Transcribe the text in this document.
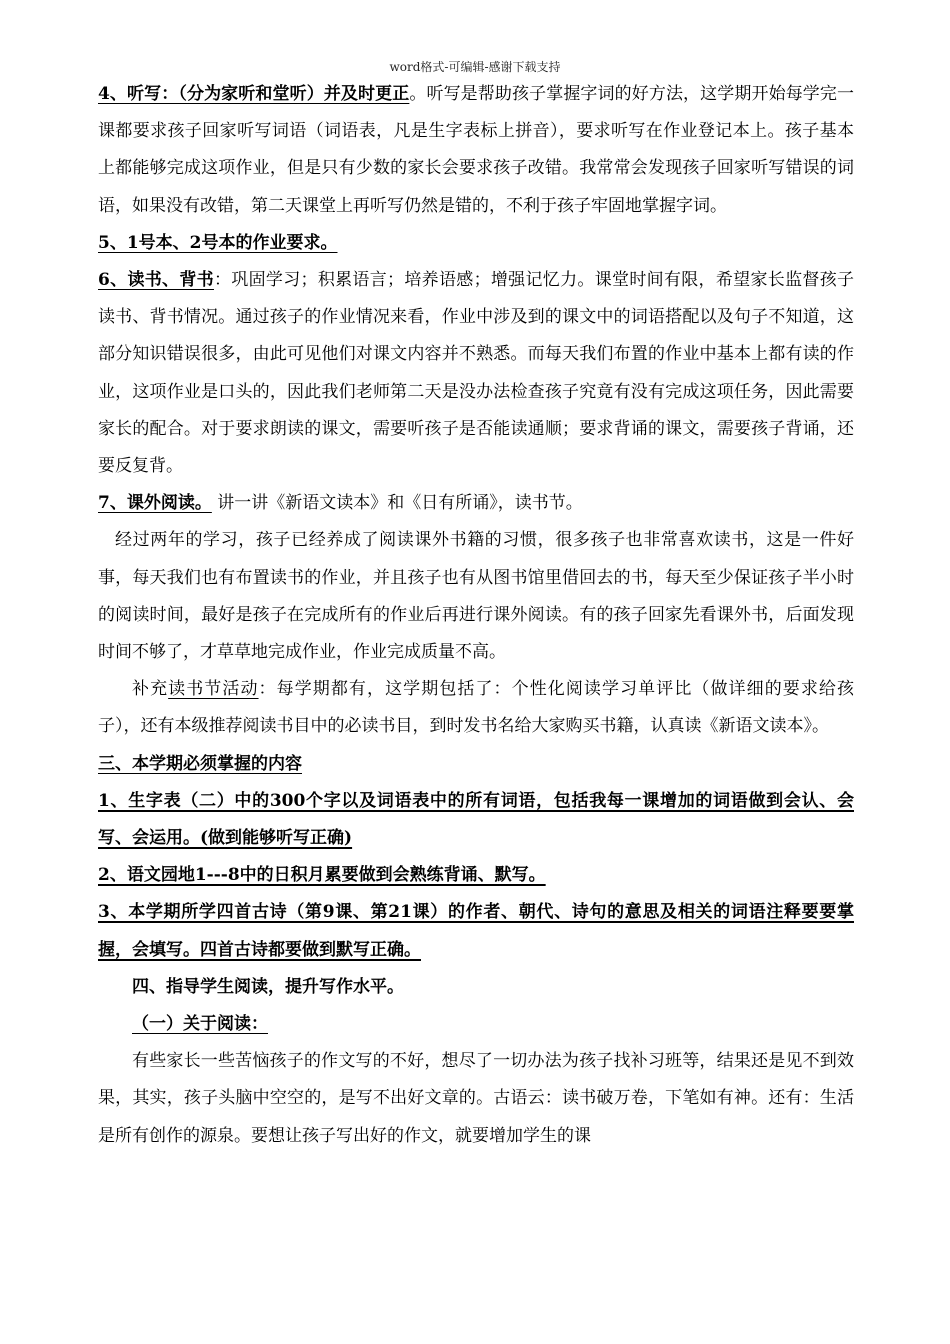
word格式-可编辑-感谢下载支持

4、听写：（分为家听和堂听）并及时更正。听写是帮助孩子掌握字词的好方法，这学期开始每学完一课都要求孩子回家听写词语（词语表，凡是生字表标上拼音），要求听写在作业登记本上。孩子基本上都能够完成这项作业，但是只有少数的家长会要求孩子改错。我常常会发现孩子回家听写错误的词语，如果没有改错，第二天课堂上再听写仍然是错的，不利于孩子牢固地掌握字词。

5、1号本、2号本的作业要求。

6、读书、背书：巩固学习；积累语言；培养语感；增强记忆力。课堂时间有限，希望家长监督孩子读书、背书情况。通过孩子的作业情况来看，作业中涉及到的课文中的词语搭配以及句子不知道，这部分知识错误很多，由此可见他们对课文内容并不熟悉。而每天我们布置的作业中基本上都有读的作业，这项作业是口头的，因此我们老师第二天是没办法检查孩子究竟有没有完成这项任务，因此需要家长的配合。对于要求朗读的课文，需要听孩子是否能读通顺；要求背诵的课文，需要孩子背诵，还要反复背。

7、课外阅读。 讲一讲《新语文读本》和《日有所诵》，读书节。

经过两年的学习，孩子已经养成了阅读课外书籍的习惯，很多孩子也非常喜欢读书，这是一件好事，每天我们也有布置读书的作业，并且孩子也有从图书馆里借回去的书，每天至少保证孩子半小时的阅读时间，最好是孩子在完成所有的作业后再进行课外阅读。有的孩子回家先看课外书，后面发现时间不够了，才草草地完成作业，作业完成质量不高。

补充读书节活动：每学期都有，这学期包括了：个性化阅读学习单评比（做详细的要求给孩子），还有本级推荐阅读书目中的必读书目，到时发书名给大家购买书籍，认真读《新语文读本》。

三、本学期必须掌握的内容

1、生字表（二）中的300个字以及词语表中的所有词语，包括我每一课增加的词语做到会认、会写、会运用。(做到能够听写正确)

2、语文园地1---8中的日积月累要做到会熟练背诵、默写。

3、本学期所学四首古诗（第9课、第21课）的作者、朝代、诗句的意思及相关的词语注释要要掌握，会填写。四首古诗都要做到默写正确。

四、指导学生阅读，提升写作水平。

（一）关于阅读：

有些家长一些苦恼孩子的作文写的不好，想尽了一切办法为孩子找补习班等，结果还是见不到效果，其实，孩子头脑中空空的，是写不出好文章的。古语云：读书破万卷，下笔如有神。还有：生活是所有创作的源泉。要想让孩子写出好的作文，就要增加学生的课
